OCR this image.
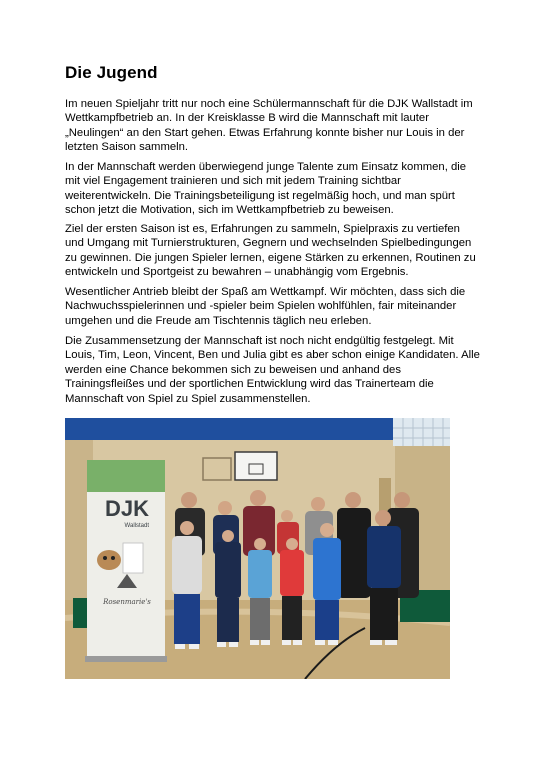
Die Jugend

Im neuen Spieljahr tritt nur noch eine Schülermannschaft für die DJK Wallstadt im Wettkampfbetrieb an. In der Kreisklasse B wird die Mannschaft mit lauter „Neulingen“ an den Start gehen. Etwas Erfahrung konnte bisher nur Louis in der letzten Saison sammeln.

In der Mannschaft werden überwiegend junge Talente zum Einsatz kommen, die mit viel Engagement trainieren und sich mit jedem Training sichtbar weiterentwickeln. Die Trainingsbeteiligung ist regelmäßig hoch, und man spürt schon jetzt die Motivation, sich im Wettkampfbetrieb zu beweisen.

Ziel der ersten Saison ist es, Erfahrungen zu sammeln, Spielpraxis zu vertiefen und Umgang mit Turnierstrukturen, Gegnern und wechselnden Spielbedingungen zu gewinnen. Die jungen Spieler lernen, eigene Stärken zu erkennen, Routinen zu entwickeln und Sportgeist zu bewahren – unabhängig vom Ergebnis.

Wesentlicher Antrieb bleibt der Spaß am Wettkampf. Wir möchten, dass sich die Nachwuchsspielerinnen und -spieler beim Spielen wohlfühlen, fair miteinander umgehen und die Freude am Tischtennis täglich neu erleben.

Die Zusammensetzung der Mannschaft ist noch nicht endgültig festgelegt. Mit Louis, Tim, Leon, Vincent, Ben und Julia gibt es aber schon einige Kandidaten. Alle werden eine Chance bekommen sich zu beweisen und anhand des Trainingsfleißes und der sportlichen Entwicklung wird das Trainerteam die Mannschaft von Spiel zu Spiel zusammenstellen.

DJK
Wallstadt
Rosenmarie's
